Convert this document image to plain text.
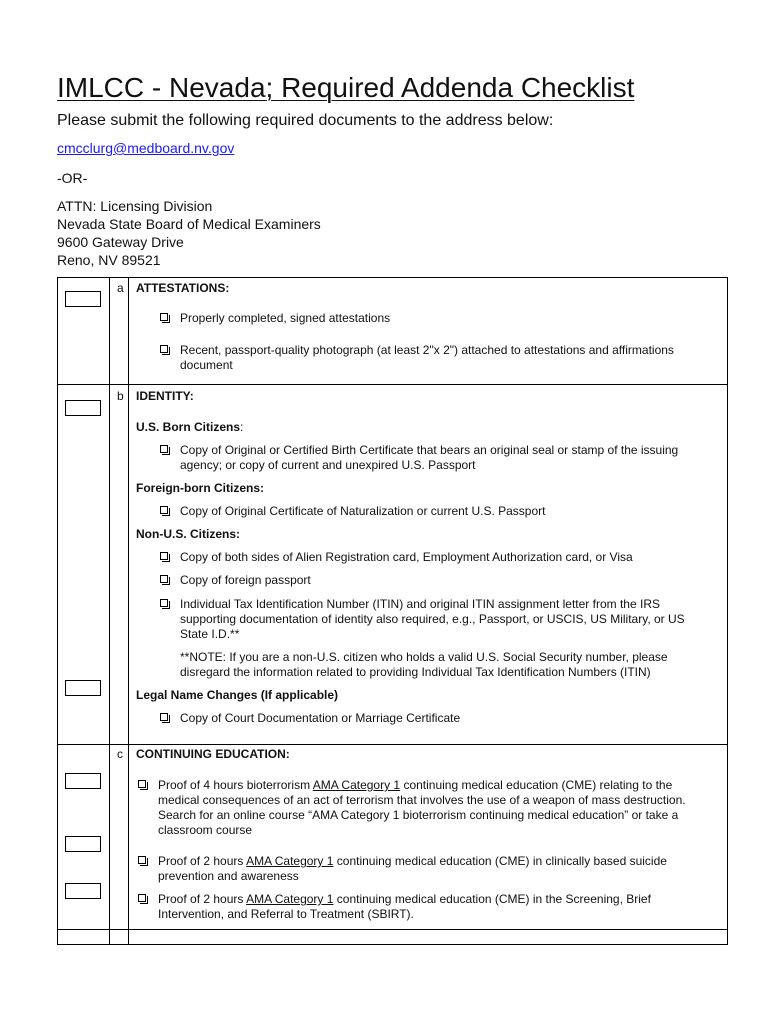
IMLCC - Nevada; Required Addenda Checklist
Please submit the following required documents to the address below:
cmcclurg@medboard.nv.gov
-OR-
ATTN: Licensing Division
Nevada State Board of Medical Examiners
9600 Gateway Drive
Reno, NV 89521
a	ATTESTATIONS:
Properly completed, signed attestations
Recent, passport-quality photograph (at least 2"x 2") attached to attestations and affirmations
document
b	IDENTITY:
U.S. Born Citizens:
Copy of Original or Certified Birth Certificate that bears an original seal or stamp of the issuing
agency; or copy of current and unexpired U.S. Passport
Foreign-born Citizens:
Copy of Original Certificate of Naturalization or current U.S. Passport
Non-U.S. Citizens:
Copy of both sides of Alien Registration card, Employment Authorization card, or Visa
Copy of foreign passport
Individual Tax Identification Number (ITIN) and original ITIN assignment letter from the IRS
supporting documentation of identity also required, e.g., Passport, or USCIS, US Military, or US
State I.D.**
**NOTE: If you are a non-U.S. citizen who holds a valid U.S. Social Security number, please
disregard the information related to providing Individual Tax Identification Numbers (ITIN)
Legal Name Changes (If applicable)
Copy of Court Documentation or Marriage Certificate
c	CONTINUING EDUCATION:
Proof of 4 hours bioterrorism AMA Category 1 continuing medical education (CME) relating to the
medical consequences of an act of terrorism that involves the use of a weapon of mass destruction.
Search for an online course “AMA Category 1 bioterrorism continuing medical education” or take a
classroom course
Proof of 2 hours AMA Category 1 continuing medical education (CME) in clinically based suicide
prevention and awareness
Proof of 2 hours AMA Category 1 continuing medical education (CME) in the Screening, Brief
Intervention, and Referral to Treatment (SBIRT).
